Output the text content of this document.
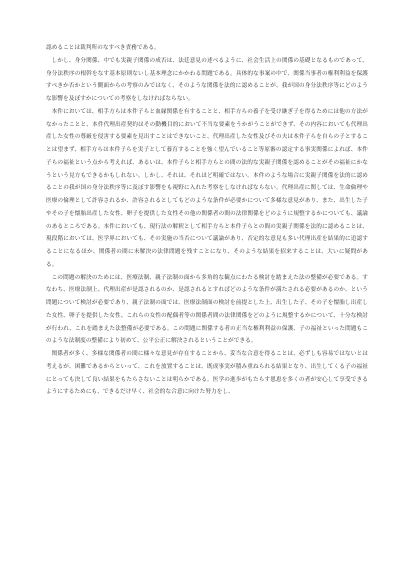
認めることは裁判所のなすべき責務である。

しかし、身分関係、中でも実親子関係の成否は、法廷意見の述べるように、社会生活上の関係の基礎となるものであって、身分法秩序の根幹をなす基本原則ないし基本理念にかかわる問題である。具体的な事案の中で、関係当事者の権利利益を保護すべきか否かという側面からの考察のみではなく、そのような関係を法的に認めることが、我が国の身分法秩序等にどのような影響を及ぼすかについての考察をしなければならない。

本件においては、相手方らは本件子らと血縁関係を有することと、相手方らの養子を受け継ぎ子を得るためには他の方法がなかったことと、本件代理出産契約はその動機目的において不当な要素をうかがうことができず、その内容においても代理出産した女性の尊厳を侵害する要素を見出すことはできないこと、代理出産した女性及びその夫は本件子らを自らの子とすることは望まず、相手方らは本件子らを実子として養育することを強く望んでいること等原審の認定する事実関係によれば、本件子らの福祉という点から考えれば、あるいは、本件子らと相手方らとの間の法的な実親子関係を認めることがその福祉にかなうという見方もできるかもしれない。しかし、それは、それほど明確ではない。本件のような場合に実親子関係を法的に認めることの我が国の身分法秩序等に及ぼす影響をも視野に入れた考察をしなければならない。代理出産に関しては、生命倫理や医療の倫理として許容されるか、許容されるとしてもどのような条件が必要かについて多様な意見があり、また、出生した子やその子を懐胎出産した女性、卵子を提供した女性その他の関係者の間の法律関係をどのように規整するかについても、議論のあるところである。本件においても、現行法の解釈として相手方らと本件子らとの間の実親子関係を法的に認めることは、現段階においては、医学界においても、その実施の当否について議論があり、否定的な意見も多い代理出産を結果的に追認することになるほか、関係者の間に未解決の法律問題を残すことになり、そのような結果を招来することは、大いに疑問がある。

この問題の解決のためには、医療法制、親子法制の面から多角的な観点にわたる検討を踏まえた法の整備が必要である。すなわち、医療法制上、代理出産が是認されるのか、是認されるとすればどのような条件が満たされる必要があるのか、という問題について検討が必要であり、親子法制の面では、医療法制面の検討を前提とした上、出生した子、その子を懐胎し出産した女性、卵子を提供した女性、これらの女性の配偶者等の関係者間の法律関係をどのように規整するかについて、十分な検討が行われ、これを踏まえた法整備が必要である。この問題に関係する者の正当な権利利益の保護、子の福祉といった問題もこのような法制度の整備により初めて、公平公正に解決されるということができる。

関係者が多く、多様な関係者の間に様々な意見が存在することから、妥当な合意を得ることは、必ずしも容易ではないとは考えるが、困難であるからといって、これを放置することは、既成事実が積み重ねられる結果となり、出生してくる子の福祉にとっても決して良い結果をもたらさないことは明らかである。医学の進歩がもたらす恩恵を多くの者が安心して享受できるようにするためにも、できるだけ早く、社会的な合意に向けた努力をし、
